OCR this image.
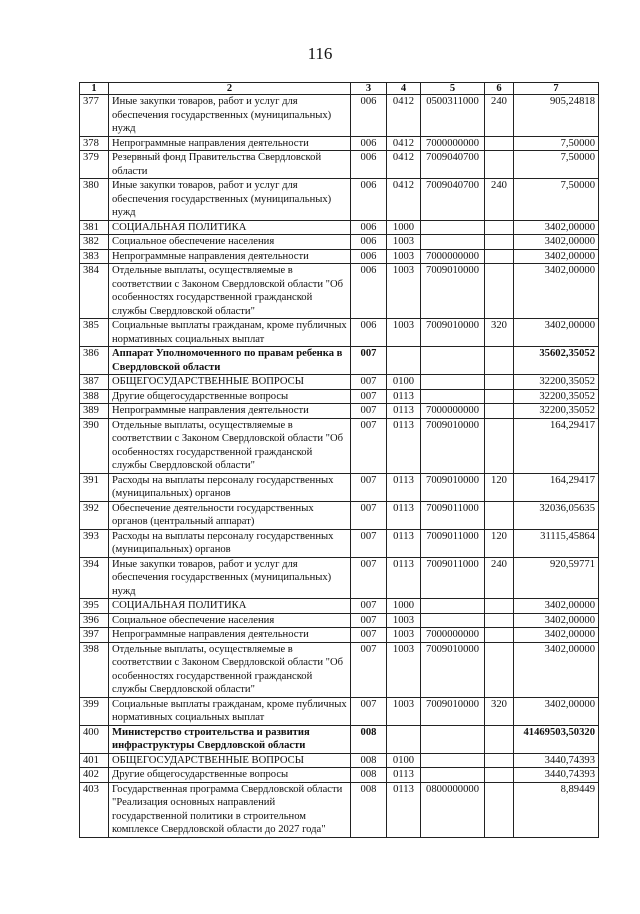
116
1	2	3	4	5	6	7
377	Иные закупки товаров, работ и услуг для обеспечения государственных (муниципальных) нужд	006	0412	0500311000	240	905,24818
378	Непрограммные направления деятельности	006	0412	7000000000		7,50000
379	Резервный фонд Правительства Свердловской области	006	0412	7009040700		7,50000
380	Иные закупки товаров, работ и услуг для обеспечения государственных (муниципальных) нужд	006	0412	7009040700	240	7,50000
381	СОЦИАЛЬНАЯ ПОЛИТИКА	006	1000			3402,00000
382	Социальное обеспечение населения	006	1003			3402,00000
383	Непрограммные направления деятельности	006	1003	7000000000		3402,00000
384	Отдельные выплаты, осуществляемые в соответствии с Законом Свердловской области "Об особенностях государственной гражданской службы Свердловской области"	006	1003	7009010000		3402,00000
385	Социальные выплаты гражданам, кроме публичных нормативных социальных выплат	006	1003	7009010000	320	3402,00000
386	Аппарат Уполномоченного по правам ребенка в Свердловской области	007				35602,35052
387	ОБЩЕГОСУДАРСТВЕННЫЕ ВОПРОСЫ	007	0100			32200,35052
388	Другие общегосударственные вопросы	007	0113			32200,35052
389	Непрограммные направления деятельности	007	0113	7000000000		32200,35052
390	Отдельные выплаты, осуществляемые в соответствии с Законом Свердловской области "Об особенностях государственной гражданской службы Свердловской области"	007	0113	7009010000		164,29417
391	Расходы на выплаты персоналу государственных (муниципальных) органов	007	0113	7009010000	120	164,29417
392	Обеспечение деятельности государственных органов (центральный аппарат)	007	0113	7009011000		32036,05635
393	Расходы на выплаты персоналу государственных (муниципальных) органов	007	0113	7009011000	120	31115,45864
394	Иные закупки товаров, работ и услуг для обеспечения государственных (муниципальных) нужд	007	0113	7009011000	240	920,59771
395	СОЦИАЛЬНАЯ ПОЛИТИКА	007	1000			3402,00000
396	Социальное обеспечение населения	007	1003			3402,00000
397	Непрограммные направления деятельности	007	1003	7000000000		3402,00000
398	Отдельные выплаты, осуществляемые в соответствии с Законом Свердловской области "Об особенностях государственной гражданской службы Свердловской области"	007	1003	7009010000		3402,00000
399	Социальные выплаты гражданам, кроме публичных нормативных социальных выплат	007	1003	7009010000	320	3402,00000
400	Министерство строительства и развития инфраструктуры Свердловской области	008				41469503,50320
401	ОБЩЕГОСУДАРСТВЕННЫЕ ВОПРОСЫ	008	0100			3440,74393
402	Другие общегосударственные вопросы	008	0113			3440,74393
403	Государственная программа Свердловской области "Реализация основных направлений государственной политики в строительном комплексе Свердловской области до 2027 года"	008	0113	0800000000		8,89449
